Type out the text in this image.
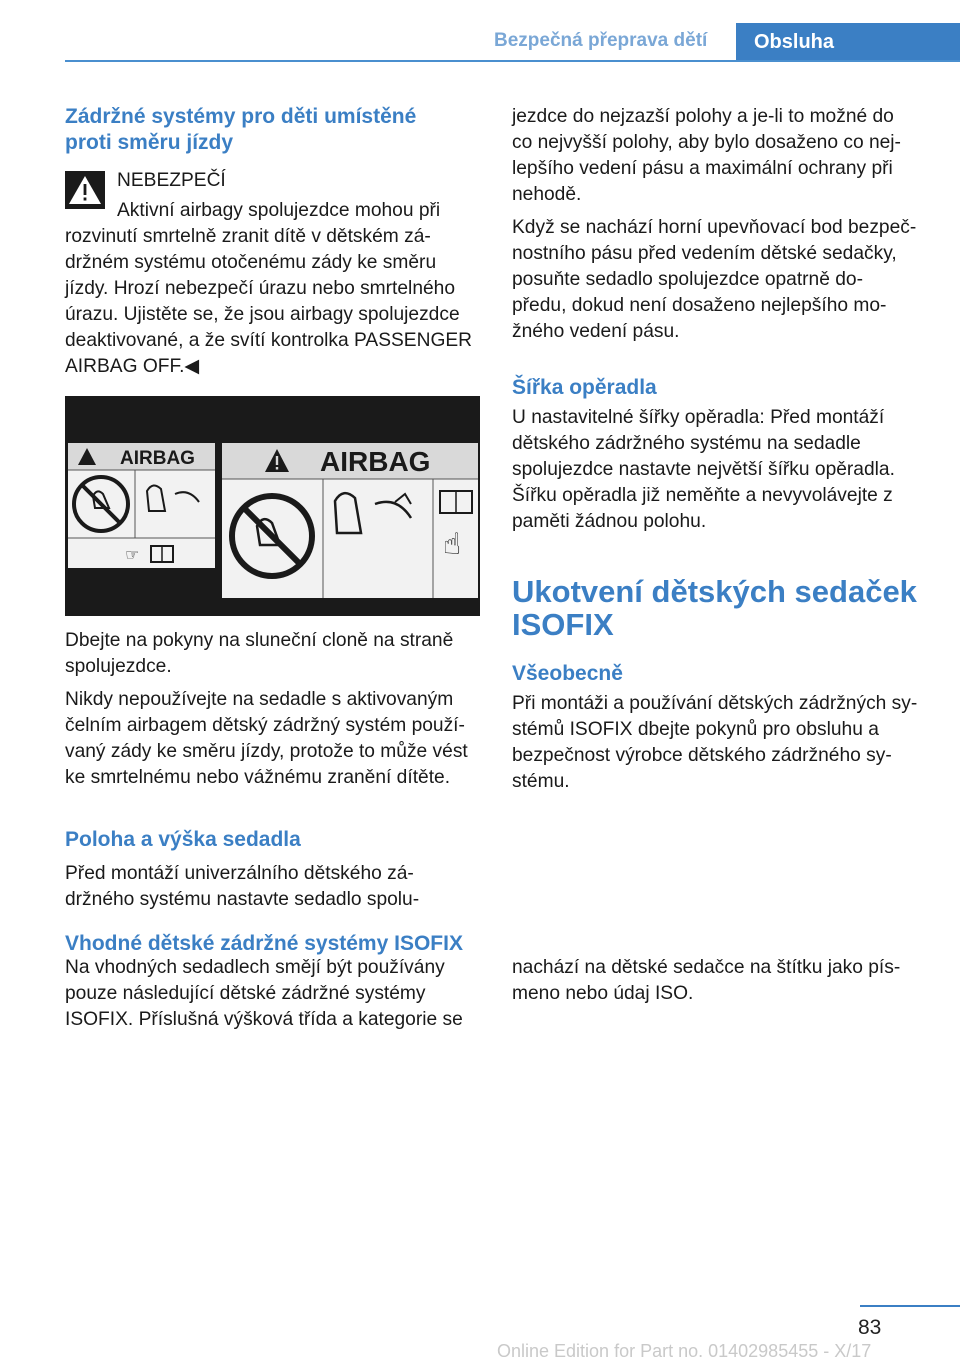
Bezpečná přeprava dětí	Obsluha
Zádržné systémy pro děti umístěné
proti směru jízdy
NEBEZPEČÍ
Aktivní airbagy spolujezdce mohou při
rozvinutí smrtelně zranit dítě v dětském zá‐
držném systému otočenému zády ke směru
jízdy. Hrozí nebezpečí úrazu nebo smrtelného
úrazu. Ujistěte se, že jsou airbagy spolujezdce
deaktivované, a že svítí kontrolka PASSENGER
AIRBAG OFF.◀
AIRBAG
☞
AIRBAG
☝
Dbejte na pokyny na sluneční cloně na straně
spolujezdce.
Nikdy nepoužívejte na sedadle s aktivovaným
čelním airbagem dětský zádržný systém použí‐
vaný zády ke směru jízdy, protože to může vést
ke smrtelnému nebo vážnému zranění dítěte.
Poloha a výška sedadla
Před montáží univerzálního dětského zá‐
držného systému nastavte sedadlo spolu‐
jezdce do nejzazší polohy a je-li to možné do
co nejvyšší polohy, aby bylo dosaženo co nej‐
lepšího vedení pásu a maximální ochrany při
nehodě.
Když se nachází horní upevňovací bod bezpeč‐
nostního pásu před vedením dětské sedačky,
posuňte sedadlo spolujezdce opatrně do‐
předu, dokud není dosaženo nejlepšího mo‐
žného vedení pásu.
Šířka opěradla
U nastavitelné šířky opěradla: Před montáží
dětského zádržného systému na sedadle
spolujezdce nastavte největší šířku opěradla.
Šířku opěradla již neměňte a nevyvolávejte z
paměti žádnou polohu.
Ukotvení dětských sedaček
ISOFIX
Všeobecně
Při montáži a používání dětských zádržných sy‐
stémů ISOFIX dbejte pokynů pro obsluhu a
bezpečnost výrobce dětského zádržného sy‐
stému.
Vhodné dětské zádržné systémy ISOFIX
Na vhodných sedadlech smějí být používány
pouze následující dětské zádržné systémy
ISOFIX. Příslušná výšková třída a kategorie se
nachází na dětské sedačce na štítku jako pís‐
meno nebo údaj ISO.
83
Online Edition for Part no. 01402985455 - X/17
